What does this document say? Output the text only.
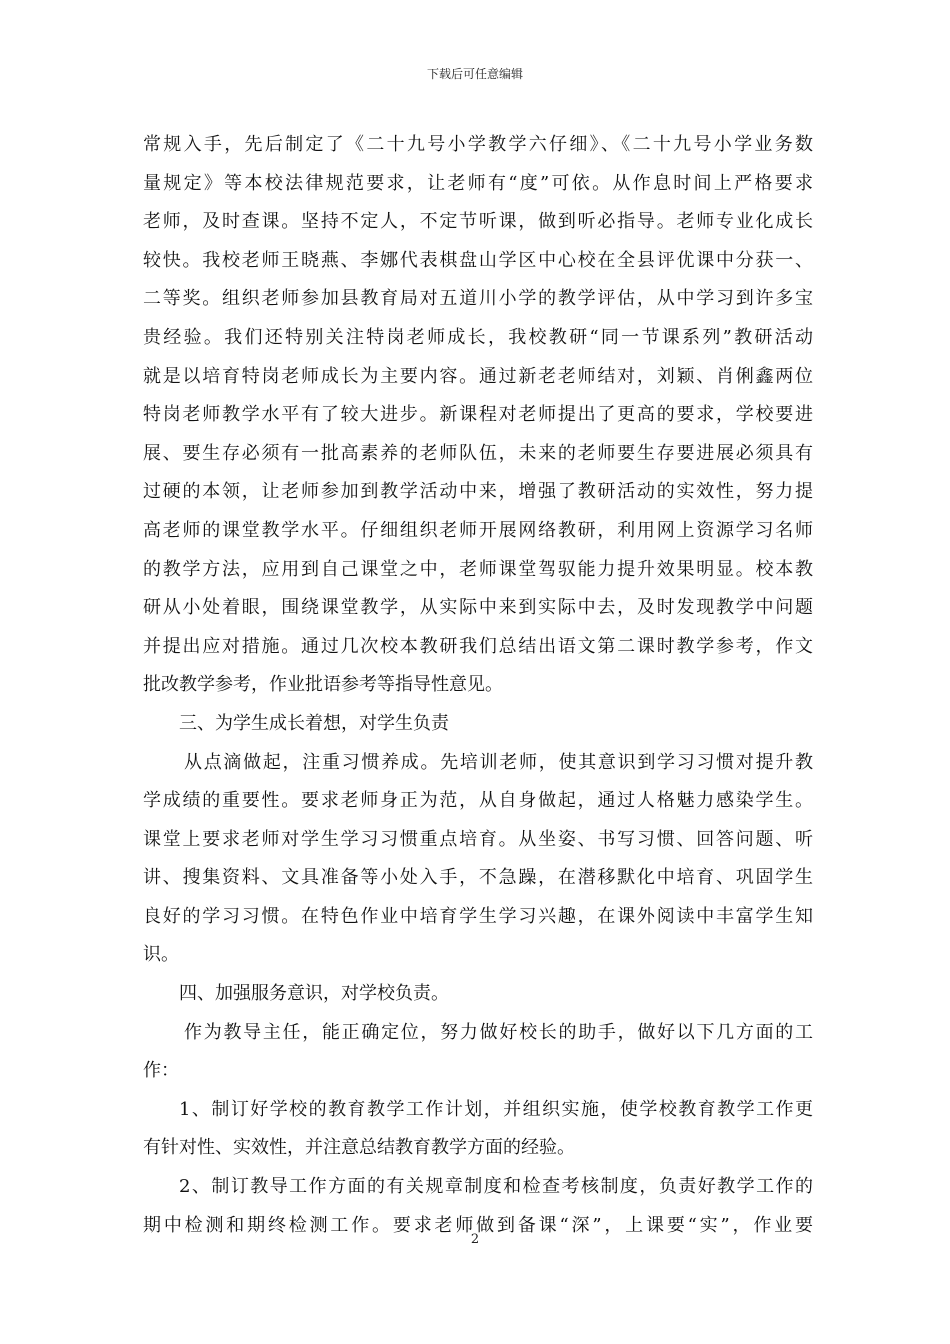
下载后可任意编辑
常规入手，先后制定了《二十九号小学教学六仔细》、《二十九号小学业务数
量规定》等本校法律规范要求，让老师有“度”可依。从作息时间上严格要求
老师，及时查课。坚持不定人，不定节听课，做到听必指导。老师专业化成长
较快。我校老师王晓燕、李娜代表棋盘山学区中心校在全县评优课中分获一、
二等奖。组织老师参加县教育局对五道川小学的教学评估，从中学习到许多宝
贵经验。我们还特别关注特岗老师成长，我校教研“同一节课系列”教研活动
就是以培育特岗老师成长为主要内容。通过新老老师结对，刘颖、肖俐鑫两位
特岗老师教学水平有了较大进步。新课程对老师提出了更高的要求，学校要进
展、要生存必须有一批高素养的老师队伍，未来的老师要生存要进展必须具有
过硬的本领，让老师参加到教学活动中来，增强了教研活动的实效性，努力提
高老师的课堂教学水平。仔细组织老师开展网络教研，利用网上资源学习名师
的教学方法，应用到自己课堂之中，老师课堂驾驭能力提升效果明显。校本教
研从小处着眼，围绕课堂教学，从实际中来到实际中去，及时发现教学中问题
并提出应对措施。通过几次校本教研我们总结出语文第二课时教学参考，作文
批改教学参考，作业批语参考等指导性意见。
三、为学生成长着想，对学生负责
从点滴做起，注重习惯养成。先培训老师，使其意识到学习习惯对提升教
学成绩的重要性。要求老师身正为范，从自身做起，通过人格魅力感染学生。
课堂上要求老师对学生学习习惯重点培育。从坐姿、书写习惯、回答问题、听
讲、搜集资料、文具准备等小处入手，不急躁，在潜移默化中培育、巩固学生
良好的学习习惯。在特色作业中培育学生学习兴趣，在课外阅读中丰富学生知
识。
四、加强服务意识，对学校负责。
作为教导主任，能正确定位，努力做好校长的助手，做好以下几方面的工
作：
1、制订好学校的教育教学工作计划，并组织实施，使学校教育教学工作更
有针对性、实效性，并注意总结教育教学方面的经验。
2、制订教导工作方面的有关规章制度和检查考核制度，负责好教学工作的
期中检测和期终检测工作。要求老师做到备课“深”，上课要“实”，作业要
2
